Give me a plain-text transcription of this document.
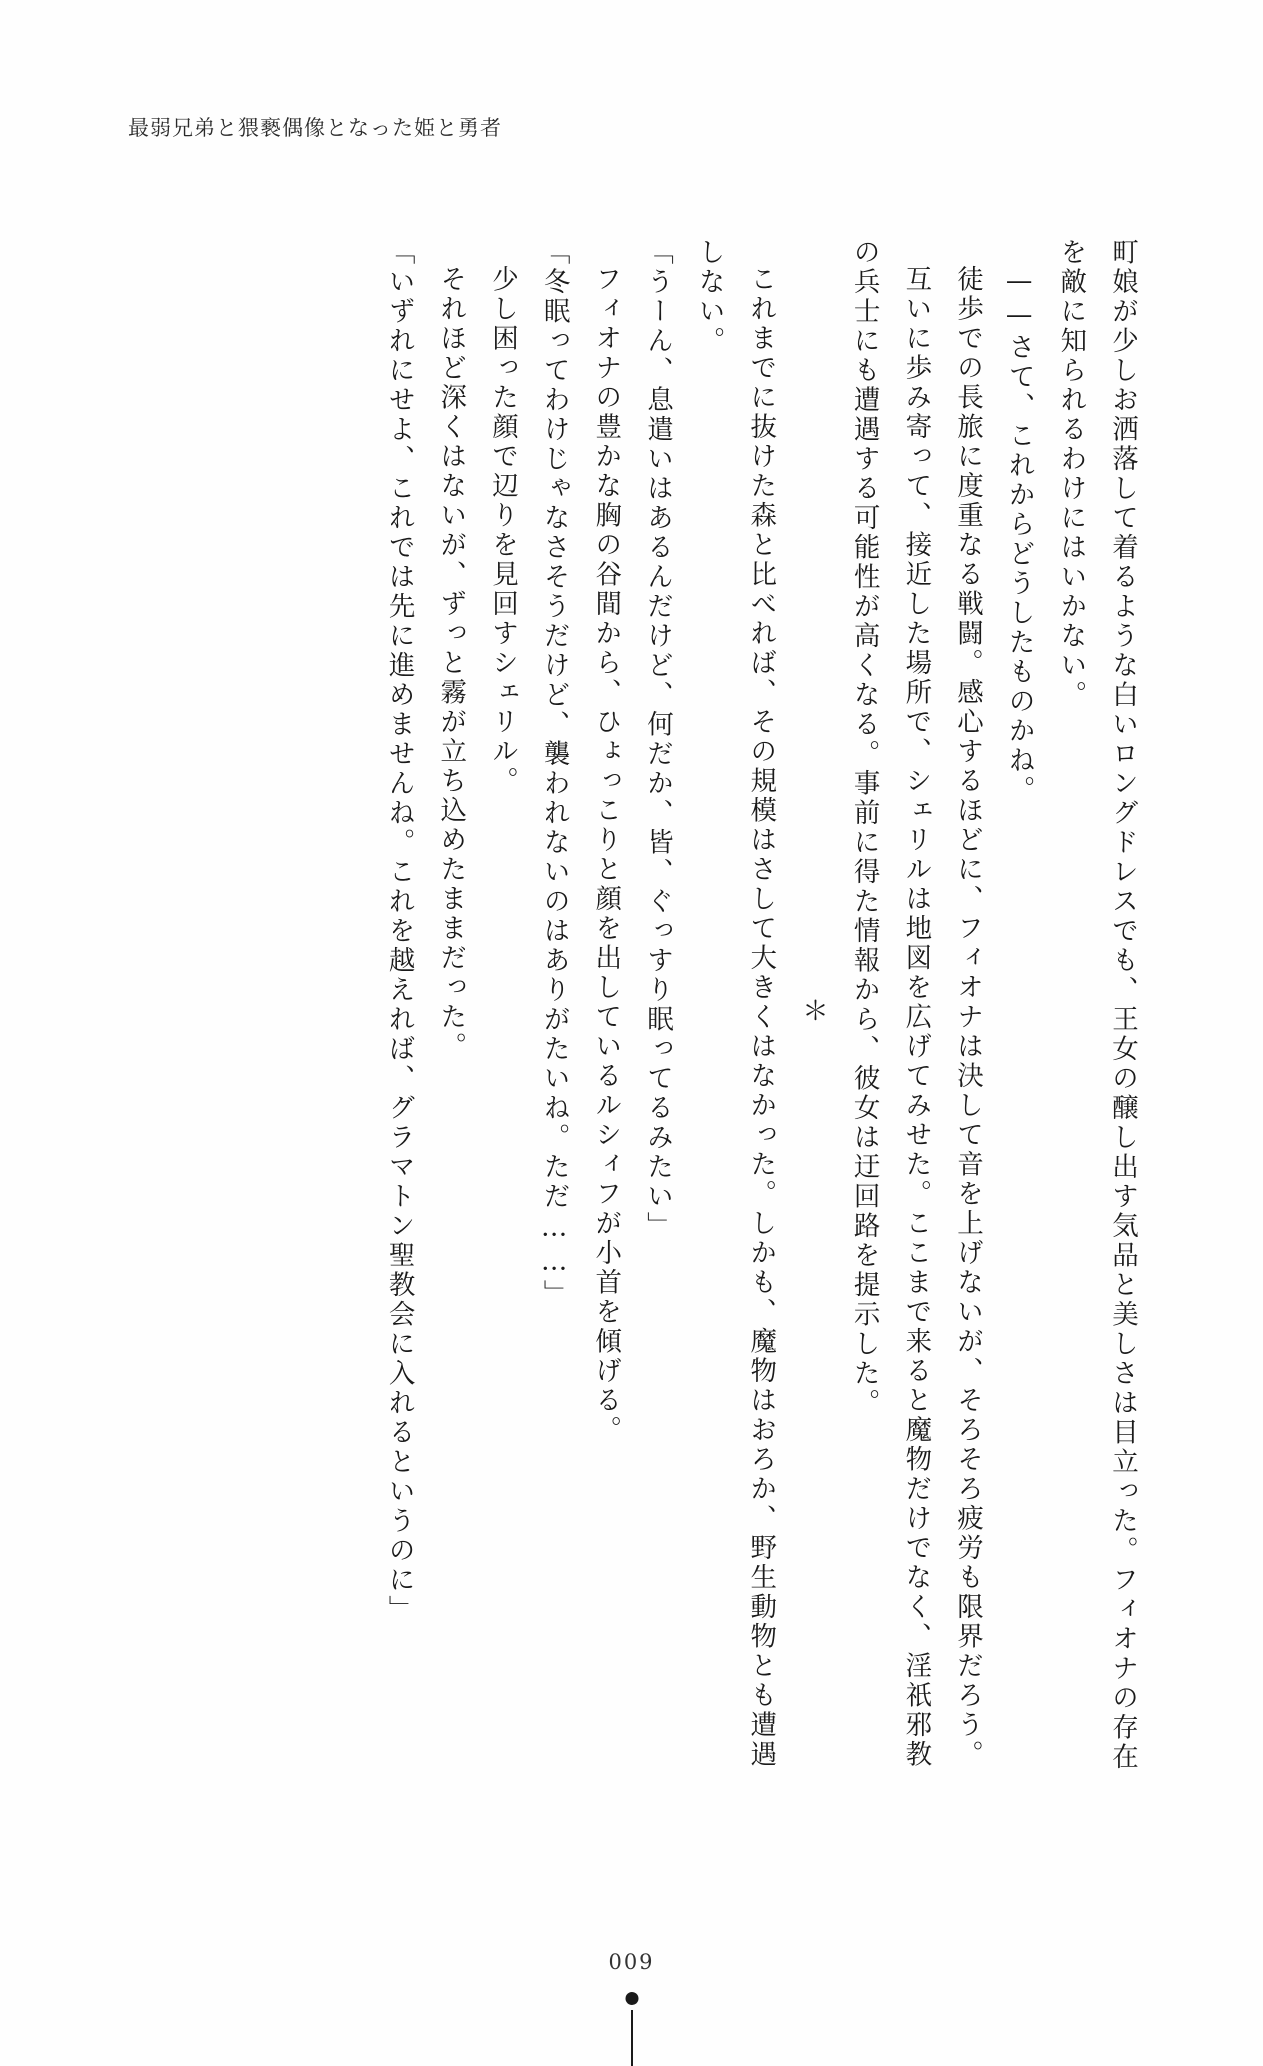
最弱兄弟と猥褻偶像となった姫と勇者

町娘が少しお洒落して着るような白いロングドレスでも、王女の醸し出す気品と美しさは目立った。フィオナの存在を敵に知られるわけにはいかない。

——さて、これからどうしたものかね。

徒歩での長旅に度重なる戦闘。感心するほどに、フィオナは決して音を上げないが、そろそろ疲労も限界だろう。

互いに歩み寄って、接近した場所で、シェリルは地図を広げてみせた。ここまで来ると魔物だけでなく、淫祇邪教の兵士にも遭遇する可能性が高くなる。事前に得た情報から、彼女は迂回路を提示した。

＊

これまでに抜けた森と比べれば、その規模はさして大きくはなかった。しかも、魔物はおろか、野生動物とも遭遇しない。

「うーん、息遣いはあるんだけど、何だか、皆、ぐっすり眠ってるみたい」

フィオナの豊かな胸の谷間から、ひょっこりと顔を出しているルシィフが小首を傾げる。

「冬眠ってわけじゃなさそうだけど、襲われないのはありがたいね。ただ……」

少し困った顔で辺りを見回すシェリル。

それほど深くはないが、ずっと霧が立ち込めたままだった。

「いずれにせよ、これでは先に進めませんね。これを越えれば、グラマトン聖教会に入れるというのに」

009
